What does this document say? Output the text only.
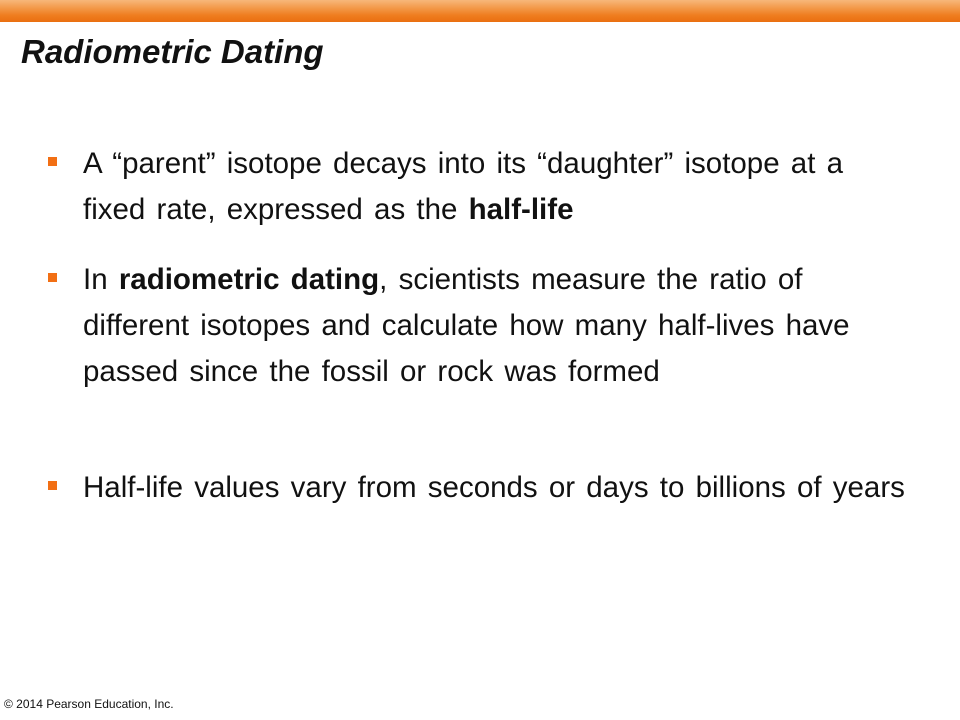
Radiometric Dating
A “parent” isotope decays into its “daughter” isotope at a fixed rate, expressed as the half-life
In radiometric dating, scientists measure the ratio of different isotopes and calculate how many half-lives have passed since the fossil or rock was formed
Half-life values vary from seconds or days to billions of years
© 2014 Pearson Education, Inc.
